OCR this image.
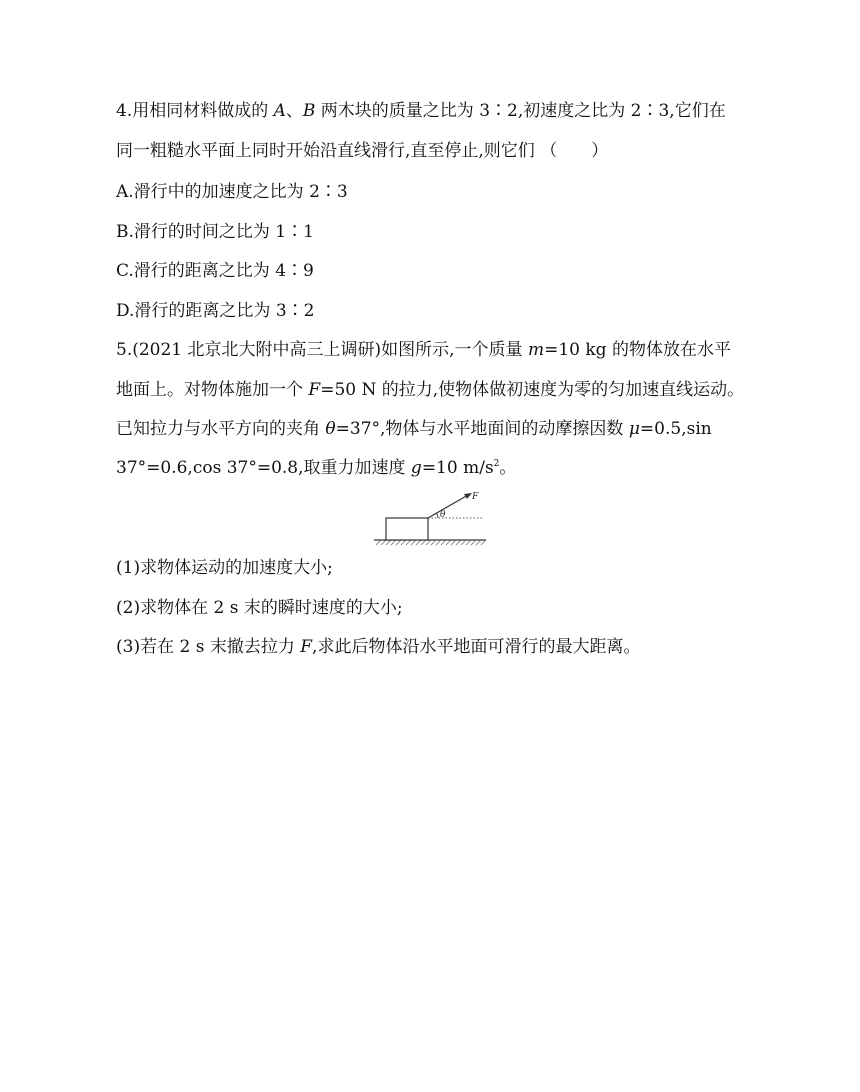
4.用相同材料做成的 A、B 两木块的质量之比为 3∶2,初速度之比为 2∶3,它们在
同一粗糙水平面上同时开始沿直线滑行,直至停止,则它们 （　　）
A.滑行中的加速度之比为 2∶3
B.滑行的时间之比为 1∶1
C.滑行的距离之比为 4∶9
D.滑行的距离之比为 3∶2
5.(2021 北京北大附中高三上调研)如图所示,一个质量 m=10 kg 的物体放在水平
地面上。对物体施加一个 F=50 N 的拉力,使物体做初速度为零的匀加速直线运动。
已知拉力与水平方向的夹角 θ=37°,物体与水平地面间的动摩擦因数 μ=0.5,sin
37°=0.6,cos 37°=0.8,取重力加速度 g=10 $m/s^2$。
θ
F
(1)求物体运动的加速度大小;
(2)求物体在 2 s 末的瞬时速度的大小;
(3)若在 2 s 末撤去拉力 F,求此后物体沿水平地面可滑行的最大距离。
